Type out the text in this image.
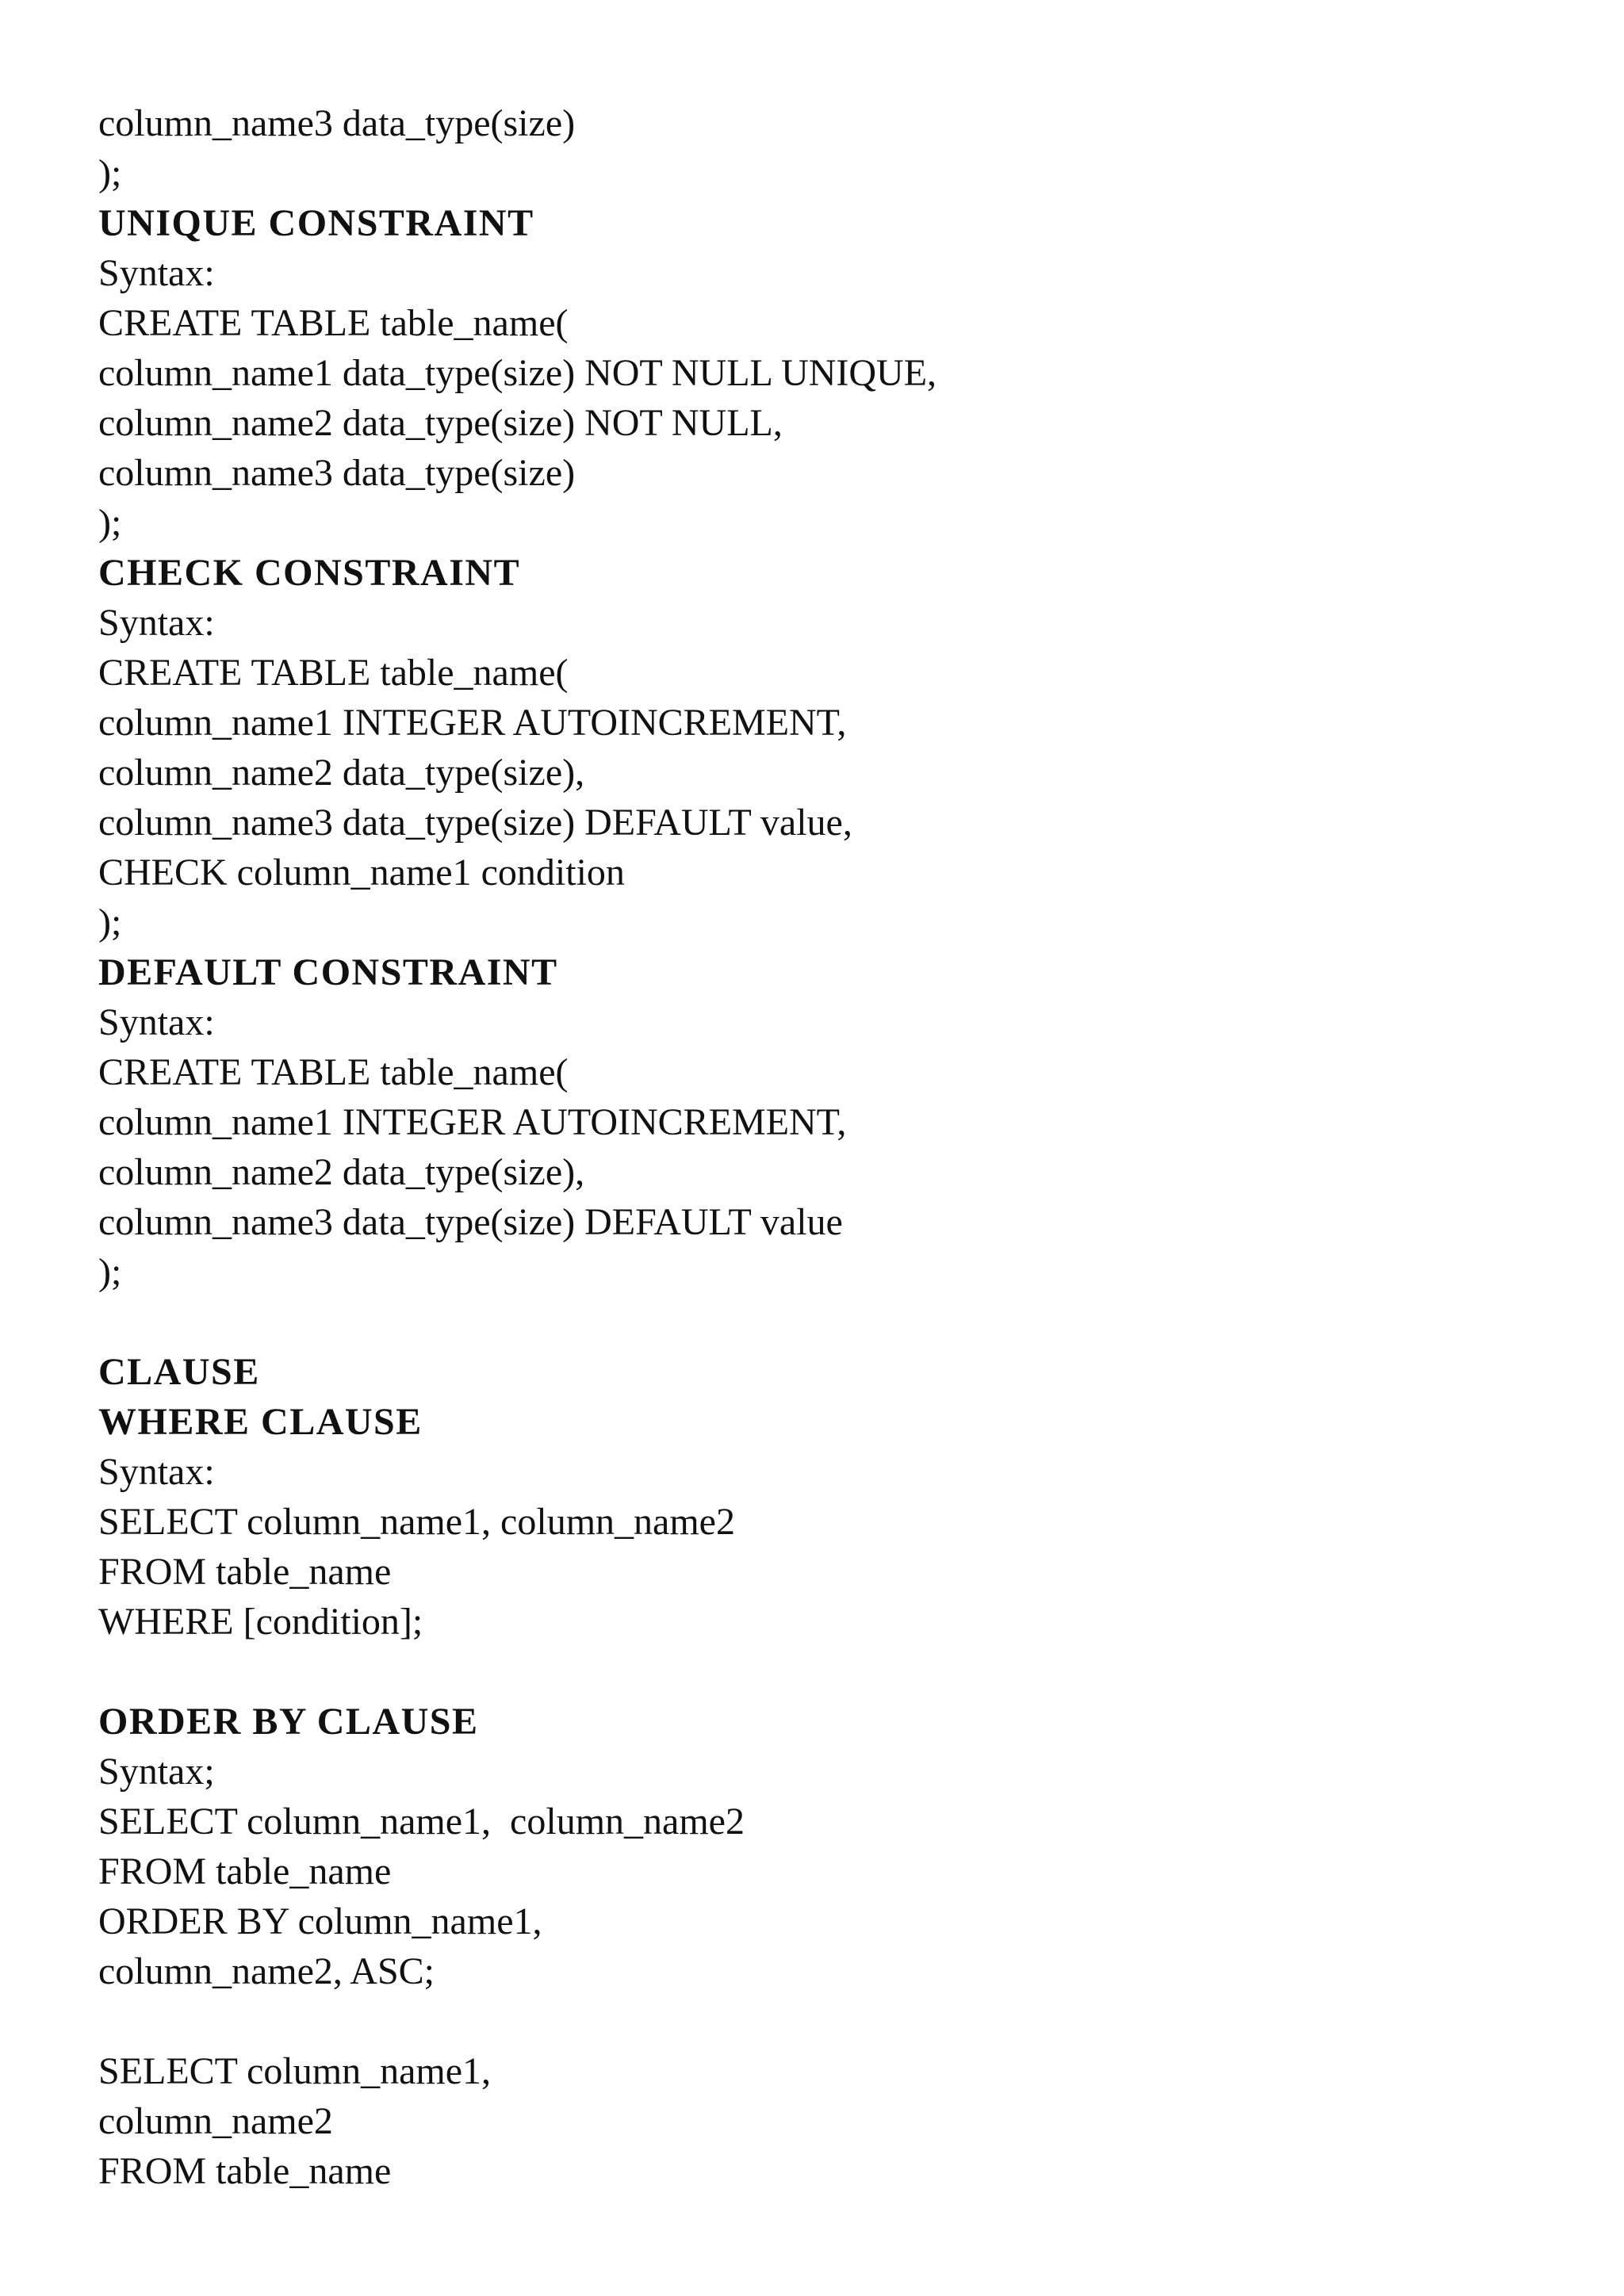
column_name3 data_type(size)
);
UNIQUE CONSTRAINT
Syntax:
CREATE TABLE table_name(
column_name1 data_type(size) NOT NULL UNIQUE,
column_name2 data_type(size) NOT NULL,
column_name3 data_type(size)
);
CHECK CONSTRAINT
Syntax:
CREATE TABLE table_name(
column_name1 INTEGER AUTOINCREMENT,
column_name2 data_type(size),
column_name3 data_type(size) DEFAULT value,
CHECK column_name1 condition
);
DEFAULT CONSTRAINT
Syntax:
CREATE TABLE table_name(
column_name1 INTEGER AUTOINCREMENT,
column_name2 data_type(size),
column_name3 data_type(size) DEFAULT value
);
CLAUSE
WHERE CLAUSE
Syntax:
SELECT column_name1, column_name2
FROM table_name
WHERE [condition];
ORDER BY CLAUSE
Syntax;
SELECT column_name1,  column_name2
FROM table_name
ORDER BY column_name1,
column_name2, ASC;
SELECT column_name1,
column_name2
FROM table_name
